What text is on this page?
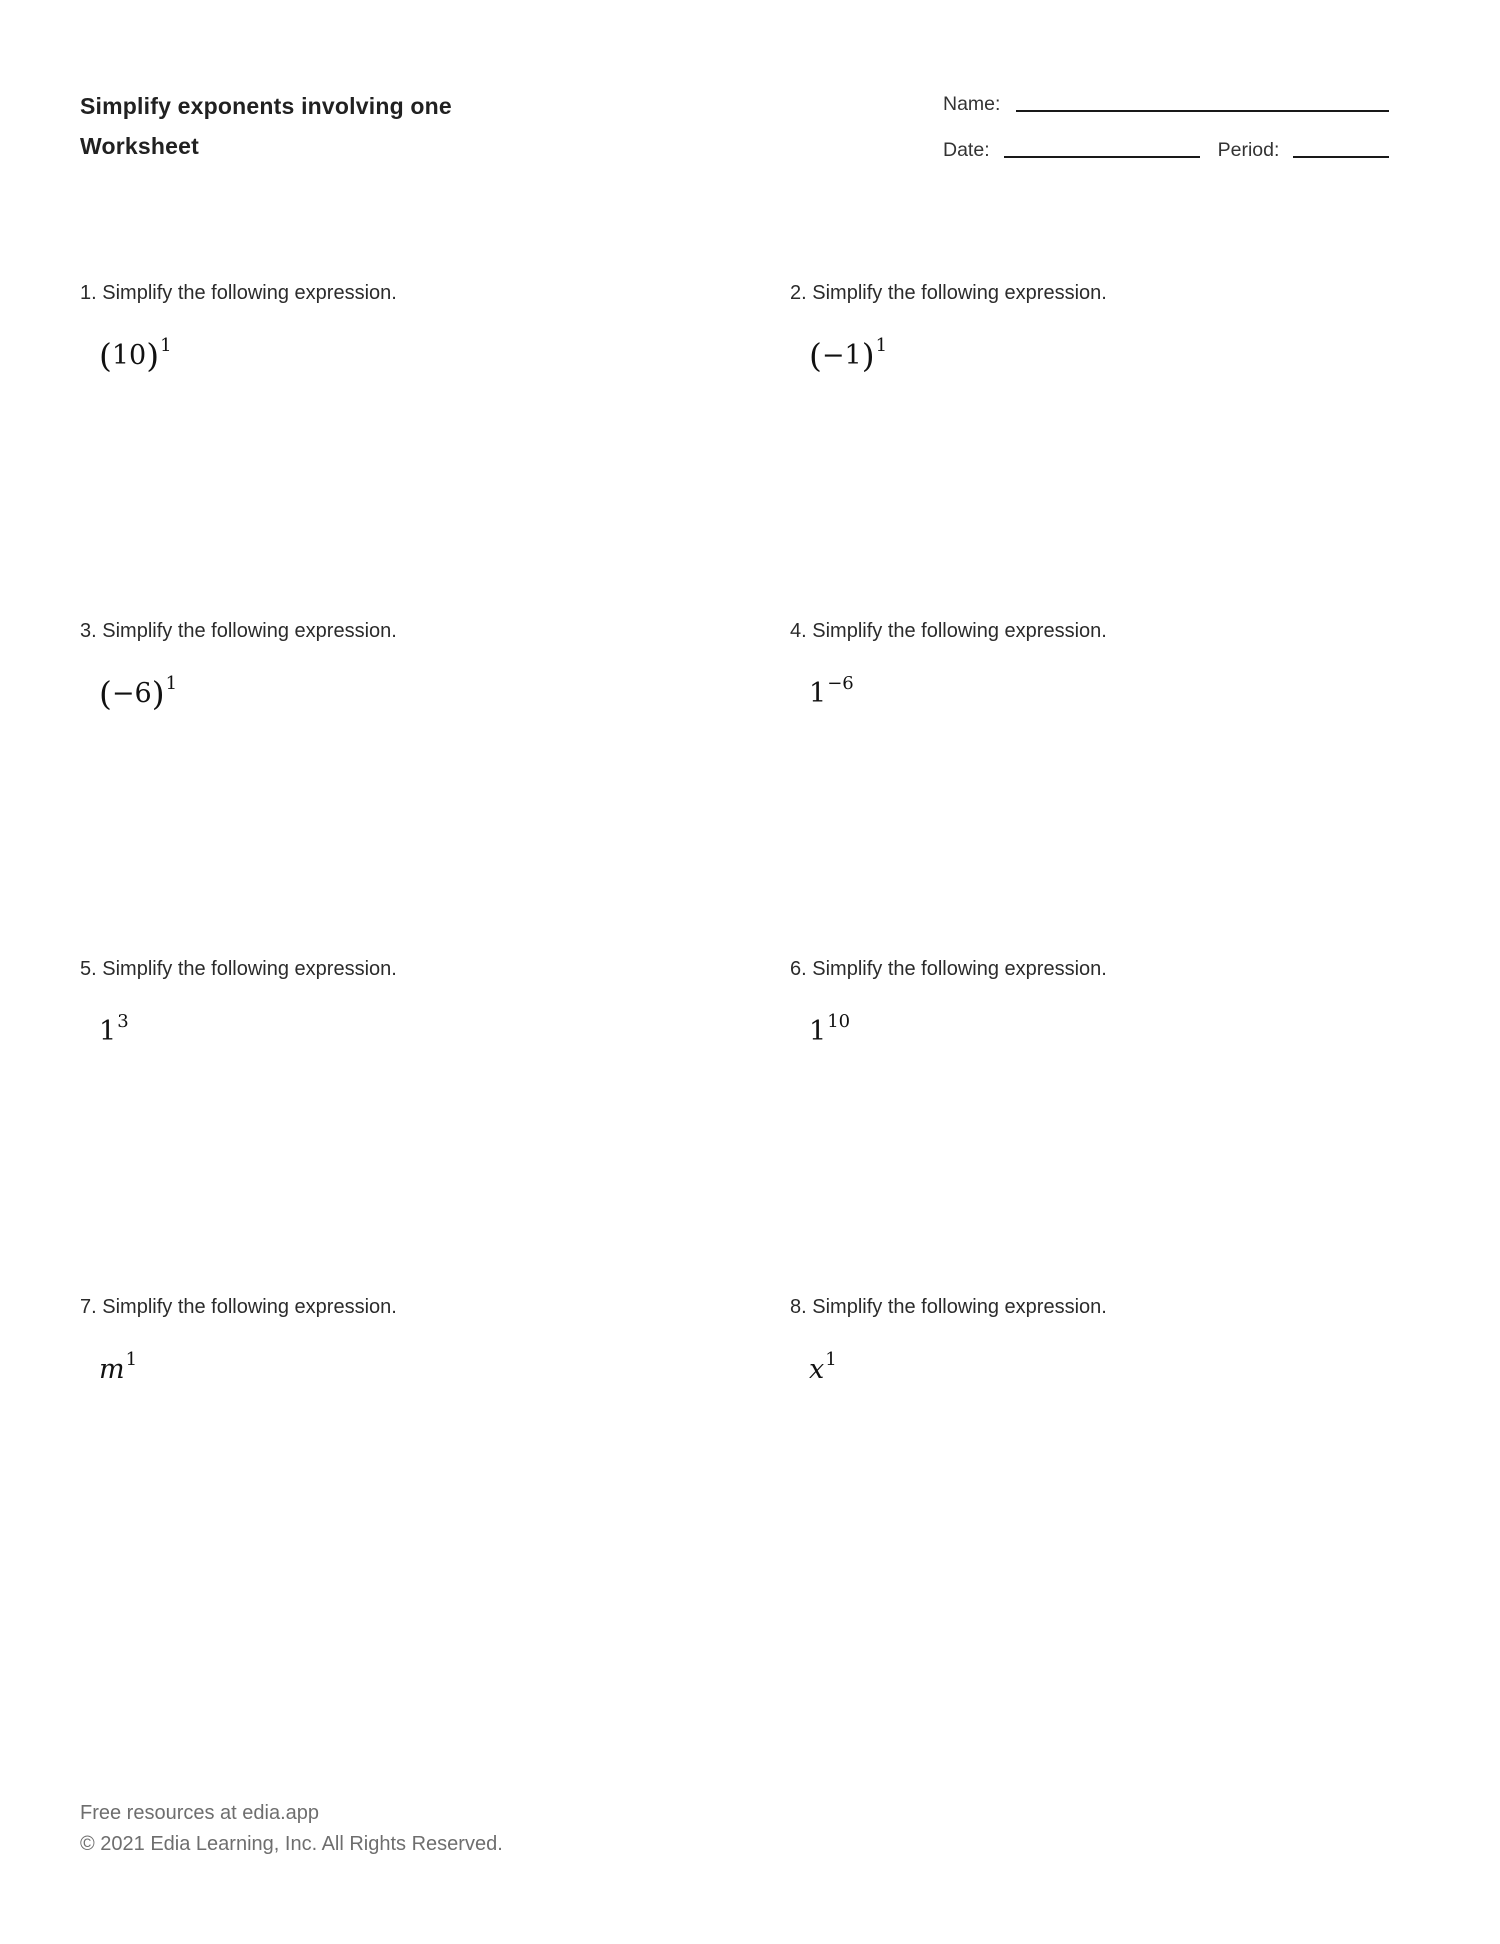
Simplify exponents involving one
Worksheet
Name:
Date:	Period:
1. Simplify the following expression.
$(10)^1$
2. Simplify the following expression.
$(-1)^1$
3. Simplify the following expression.
$(-6)^1$
4. Simplify the following expression.
$1^{-6}$
5. Simplify the following expression.
$1^3$
6. Simplify the following expression.
$1^{10}$
7. Simplify the following expression.
$m^1$
8. Simplify the following expression.
$x^1$
Free resources at edia.app
© 2021 Edia Learning, Inc. All Rights Reserved.
